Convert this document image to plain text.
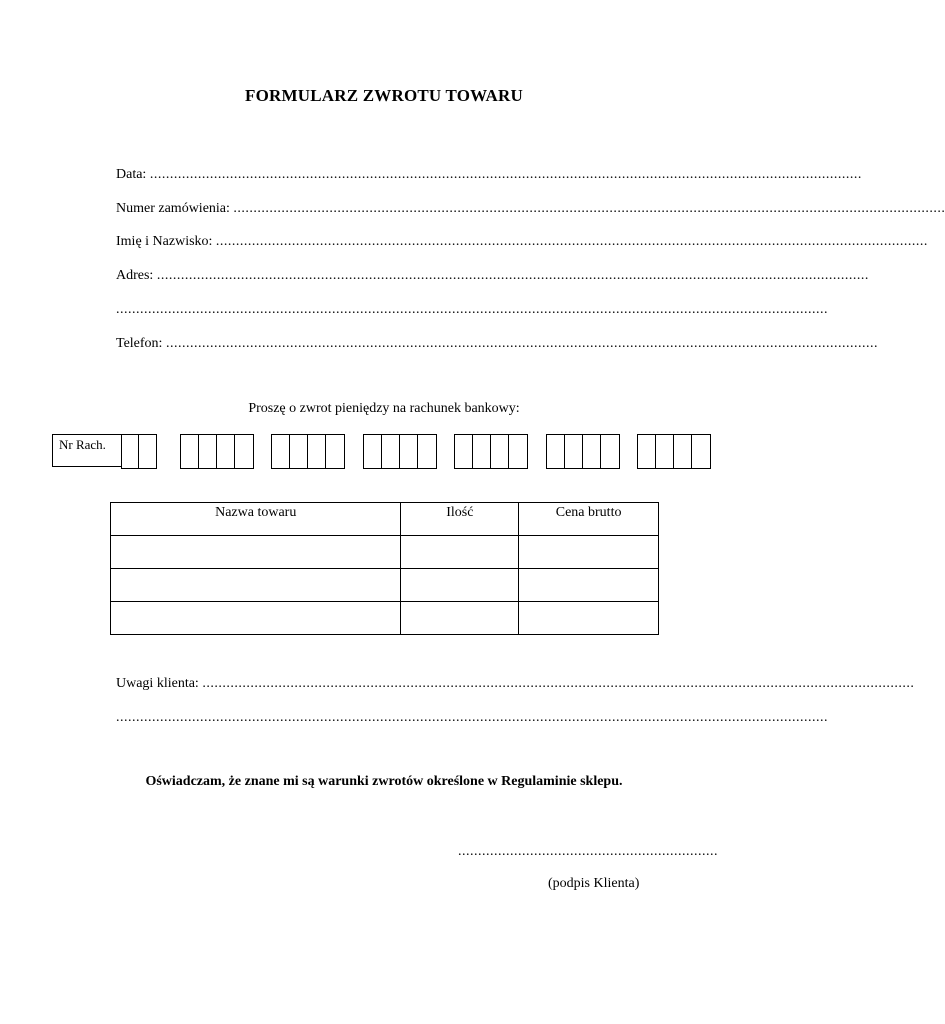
FORMULARZ ZWROTU TOWARU
Data: ..................................................................................................................................................................................
Numer zamówienia: ..................................................................................................................................................................................
Imię i Nazwisko: ..................................................................................................................................................................................
Adres: ..................................................................................................................................................................................
..................................................................................................................................................................................
Telefon: ..................................................................................................................................................................................
Proszę o zwrot pieniędzy na rachunek bankowy:
Nr Rach.
Nazwa towaru	Ilość	Cena brutto

Uwagi klienta: ..................................................................................................................................................................................
..................................................................................................................................................................................
Oświadczam, że znane mi są warunki zwrotów określone w Regulaminie sklepu.
.................................................................
(podpis Klienta)
